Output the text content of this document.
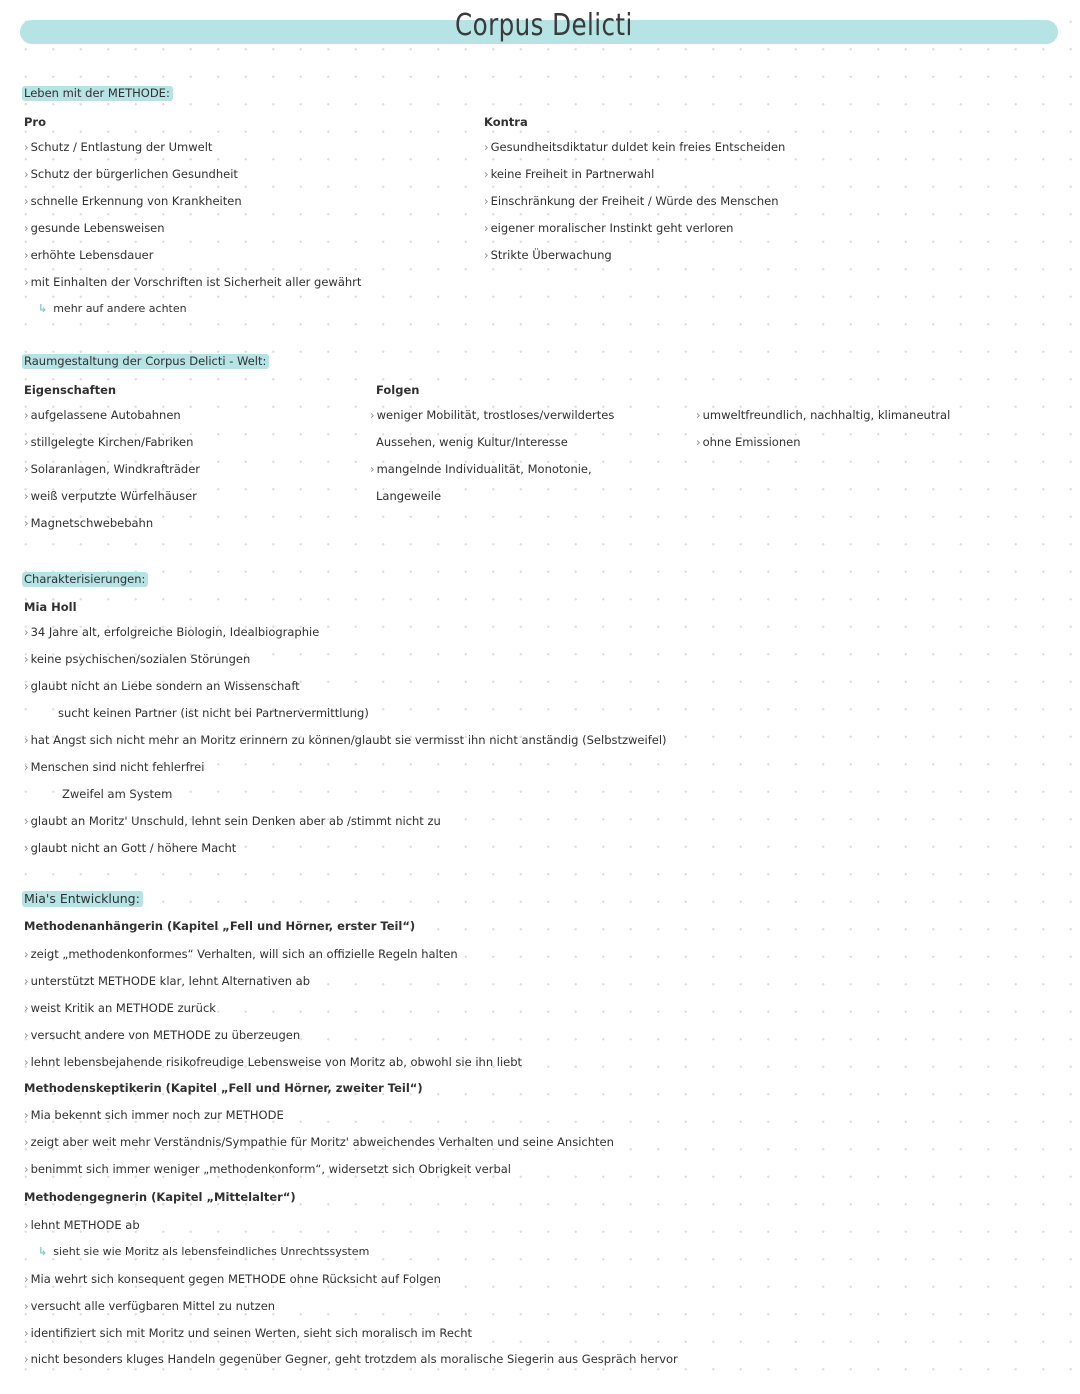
Corpus Delicti
Leben mit der METHODE:
Pro
› Schutz / Entlastung der Umwelt
› Schutz der bürgerlichen Gesundheit
› schnelle Erkennung von Krankheiten
› gesunde Lebensweisen
› erhöhte Lebensdauer
› mit Einhalten der Vorschriften ist Sicherheit aller gewährt
↳ mehr auf andere achten
Kontra
› Gesundheitsdiktatur duldet kein freies Entscheiden
› keine Freiheit in Partnerwahl
› Einschränkung der Freiheit / Würde des Menschen
› eigener moralischer Instinkt geht verloren
› Strikte Überwachung
Raumgestaltung der Corpus Delicti - Welt:
Eigenschaften
› aufgelassene Autobahnen
› stillgelegte Kirchen/Fabriken
› Solaranlagen, Windkrafträder
› weiß verputzte Würfelhäuser
› Magnetschwebebahn
Folgen
› weniger Mobilität, trostloses/verwildertes
Aussehen, wenig Kultur/Interesse
› mangelnde Individualität, Monotonie,
Langeweile
› umweltfreundlich, nachhaltig, klimaneutral
› ohne Emissionen
Charakterisierungen:
Mia Holl
› 34 Jahre alt, erfolgreiche Biologin, Idealbiographie
› keine psychischen/sozialen Störungen
› glaubt nicht an Liebe sondern an Wissenschaft
sucht keinen Partner (ist nicht bei Partnervermittlung)
› hat Angst sich nicht mehr an Moritz erinnern zu können/glaubt sie vermisst ihn nicht anständig (Selbstzweifel)
› Menschen sind nicht fehlerfrei
Zweifel am System
› glaubt an Moritz' Unschuld, lehnt sein Denken aber ab /stimmt nicht zu
› glaubt nicht an Gott / höhere Macht
Mia's Entwicklung:
Methodenanhängerin (Kapitel „Fell und Hörner, erster Teil“)
› zeigt „methodenkonformes“ Verhalten, will sich an offizielle Regeln halten
› unterstützt METHODE klar, lehnt Alternativen ab
› weist Kritik an METHODE zurück
› versucht andere von METHODE zu überzeugen
› lehnt lebensbejahende risikofreudige Lebensweise von Moritz ab, obwohl sie ihn liebt
Methodenskeptikerin (Kapitel „Fell und Hörner, zweiter Teil“)
› Mia bekennt sich immer noch zur METHODE
› zeigt aber weit mehr Verständnis/Sympathie für Moritz' abweichendes Verhalten und seine Ansichten
› benimmt sich immer weniger „methodenkonform“, widersetzt sich Obrigkeit verbal
Methodengegnerin (Kapitel „Mittelalter“)
› lehnt METHODE ab
↳ sieht sie wie Moritz als lebensfeindliches Unrechtssystem
› Mia wehrt sich konsequent gegen METHODE ohne Rücksicht auf Folgen
› versucht alle verfügbaren Mittel zu nutzen
› identifiziert sich mit Moritz und seinen Werten, sieht sich moralisch im Recht
› nicht besonders kluges Handeln gegenüber Gegner, geht trotzdem als moralische Siegerin aus Gespräch hervor
